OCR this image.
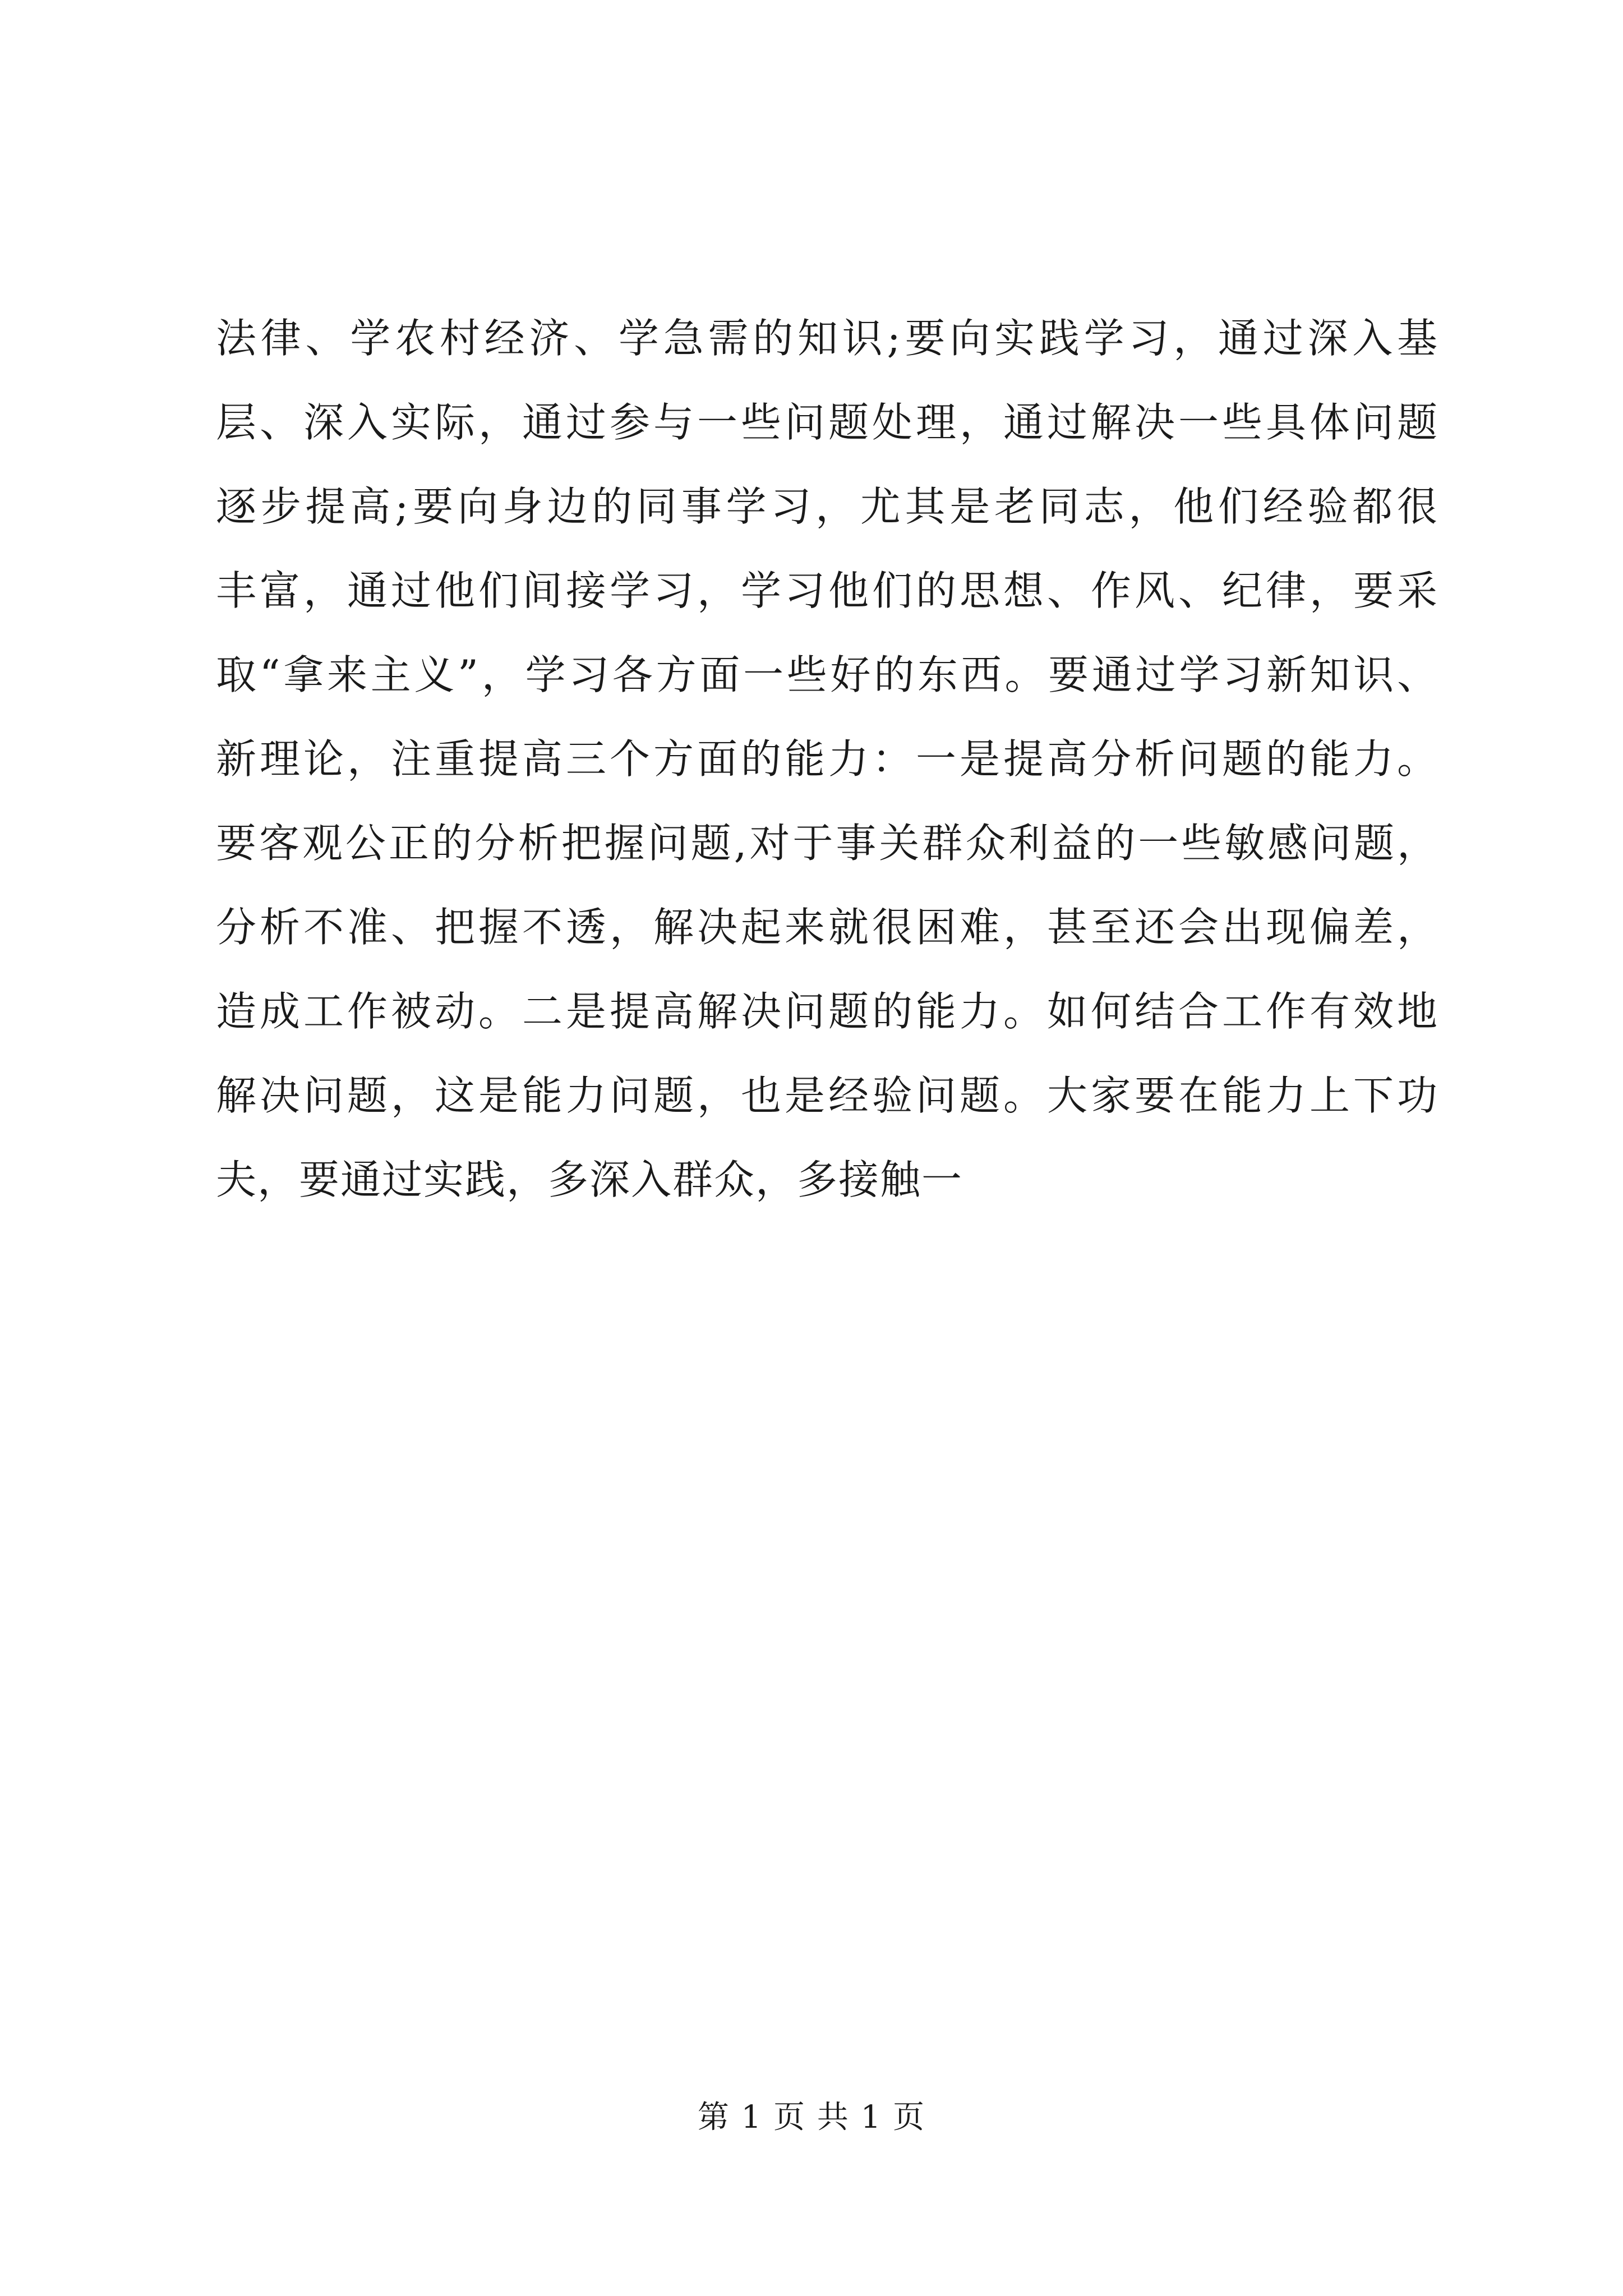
法律、学农村经济、学急需的知识;要向实践学习，通过深入基
层、深入实际，通过参与一些问题处理，通过解决一些具体问题
逐步提高;要向身边的同事学习，尤其是老同志，他们经验都很
丰富，通过他们间接学习，学习他们的思想、作风、纪律，要采
取“拿来主义”，学习各方面一些好的东西。要通过学习新知识、
新理论，注重提高三个方面的能力：一是提高分析问题的能力。
要客观公正的分析把握问题,对于事关群众利益的一些敏感问题，
分析不准、把握不透，解决起来就很困难，甚至还会出现偏差，
造成工作被动。二是提高解决问题的能力。如何结合工作有效地
解决问题，这是能力问题，也是经验问题。大家要在能力上下功
夫，要通过实践，多深入群众，多接触一
第 1 页 共 1 页
